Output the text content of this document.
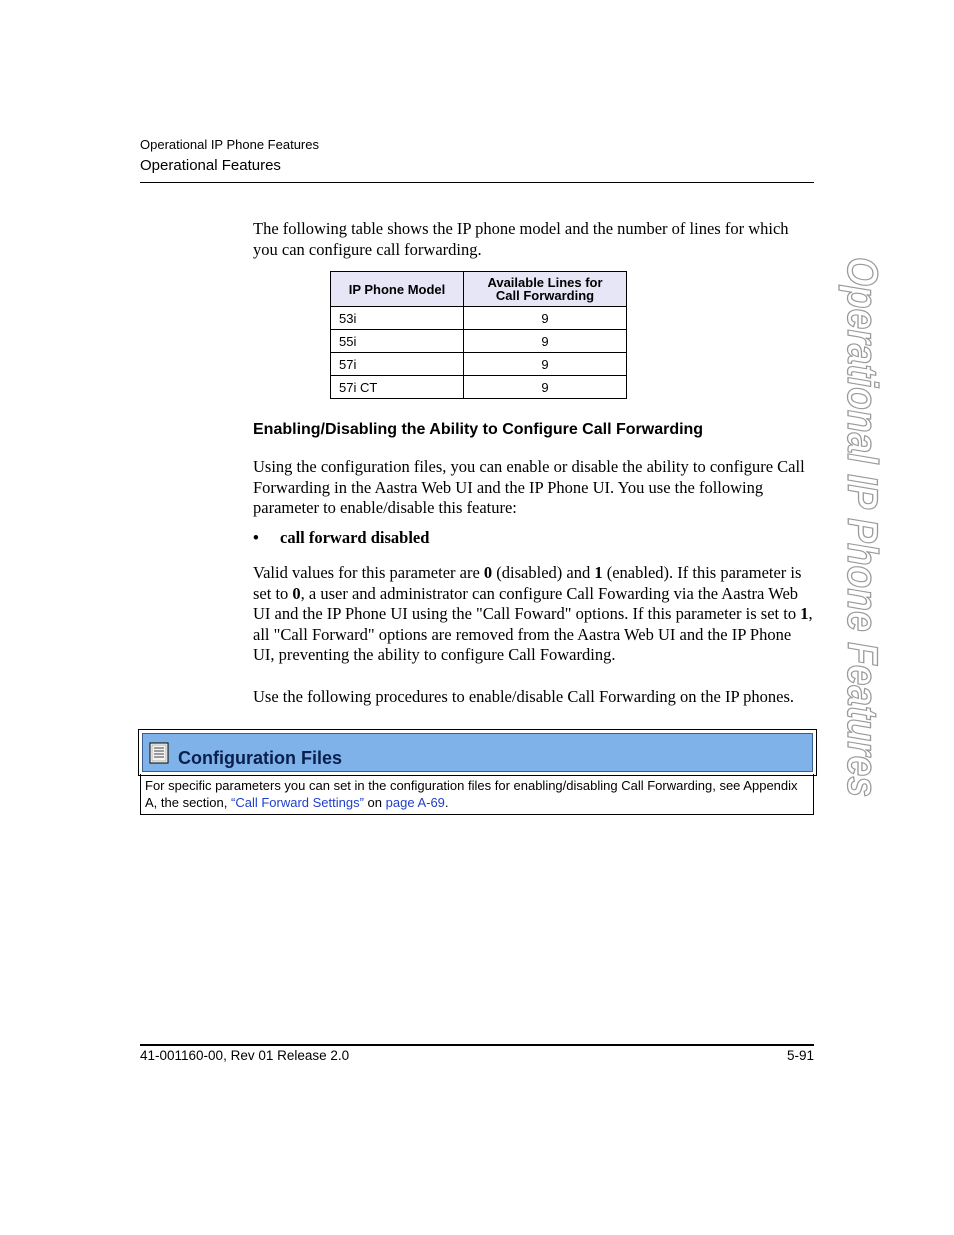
Operational IP Phone Features
Operational Features
Operational IP Phone Features
The following table shows the IP phone model and the number of lines for which you can configure call forwarding.
IP Phone Model	Available Lines for
Call Forwarding
53i	9
55i	9
57i	9
57i CT	9
Enabling/Disabling the Ability to Configure Call Forwarding
Using the configuration files, you can enable or disable the ability to configure Call Forwarding in the Aastra Web UI and the IP Phone UI. You use the following parameter to enable/disable this feature:
• call forward disabled
Valid values for this parameter are 0 (disabled) and 1 (enabled). If this parameter is set to 0, a user and administrator can configure Call Fowarding via the Aastra Web UI and the IP Phone UI using the "Call Foward" options. If this parameter is set to 1, all "Call Forward" options are removed from the Aastra Web UI and the IP Phone UI, preventing the ability to configure Call Fowarding.
Use the following procedures to enable/disable Call Forwarding on the IP phones.
Configuration Files
For specific parameters you can set in the configuration files for enabling/disabling Call Forwarding, see Appendix A, the section, “Call Forward Settings” on page A-69.
41-001160-00, Rev 01 Release 2.0	5-91
